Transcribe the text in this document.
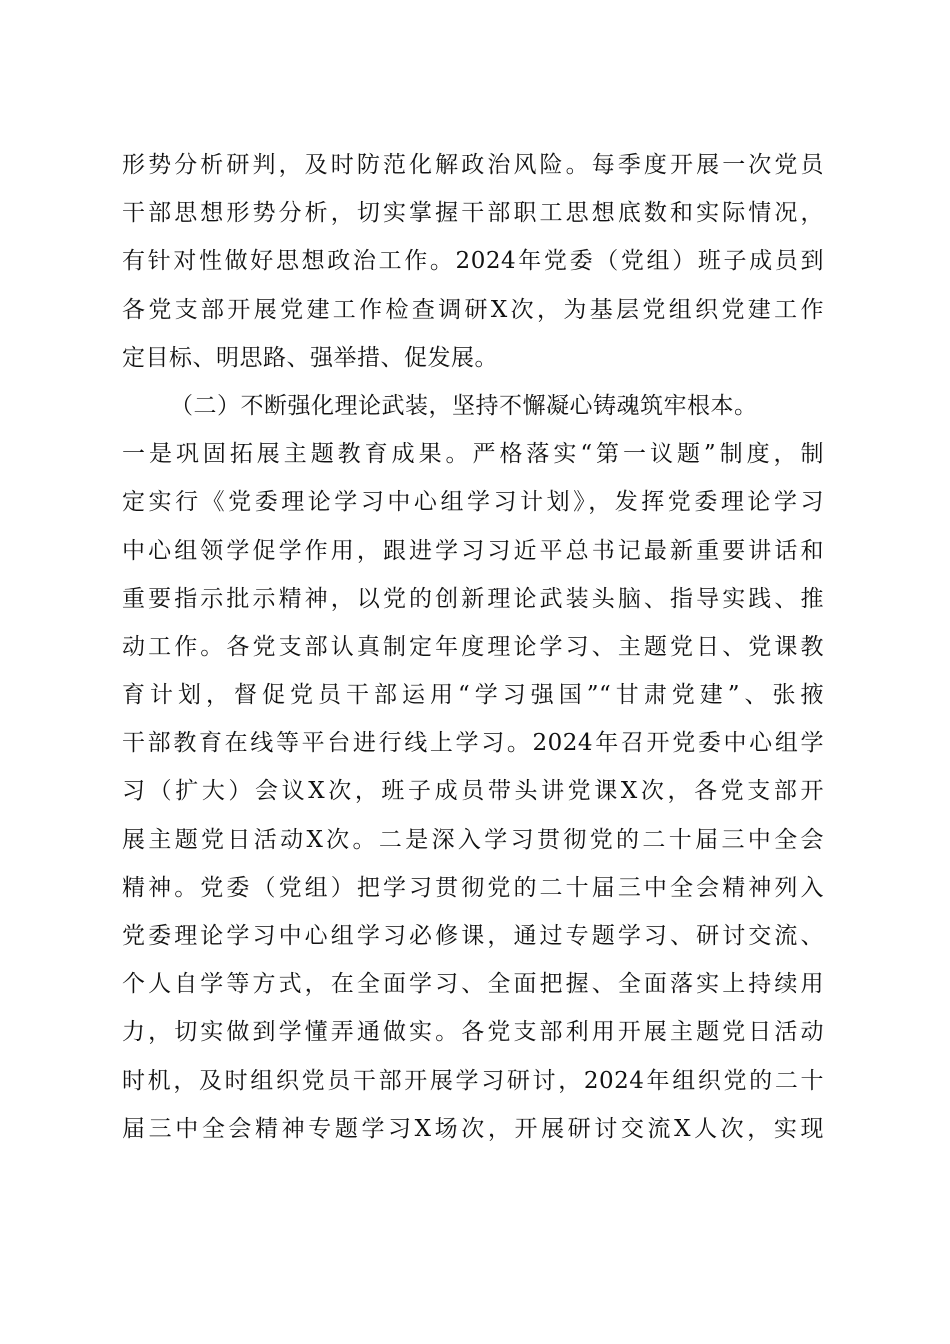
形势分析研判，及时防范化解政治风险。每季度开展一次党员
干部思想形势分析，切实掌握干部职工思想底数和实际情况，
有针对性做好思想政治工作。2024年党委（党组）班子成员到
各党支部开展党建工作检查调研X次，为基层党组织党建工作
定目标、明思路、强举措、促发展。
（二）不断强化理论武装，坚持不懈凝心铸魂筑牢根本。
一是巩固拓展主题教育成果。严格落实“第一议题”制度，制
定实行《党委理论学习中心组学习计划》，发挥党委理论学习
中心组领学促学作用，跟进学习习近平总书记最新重要讲话和
重要指示批示精神，以党的创新理论武装头脑、指导实践、推
动工作。各党支部认真制定年度理论学习、主题党日、党课教
育计划，督促党员干部运用“学习强国”“甘肃党建”、张掖
干部教育在线等平台进行线上学习。2024年召开党委中心组学
习（扩大）会议X次，班子成员带头讲党课X次，各党支部开
展主题党日活动X次。二是深入学习贯彻党的二十届三中全会
精神。党委（党组）把学习贯彻党的二十届三中全会精神列入
党委理论学习中心组学习必修课，通过专题学习、研讨交流、
个人自学等方式，在全面学习、全面把握、全面落实上持续用
力，切实做到学懂弄通做实。各党支部利用开展主题党日活动
时机，及时组织党员干部开展学习研讨，2024年组织党的二十
届三中全会精神专题学习X场次，开展研讨交流X人次，实现
